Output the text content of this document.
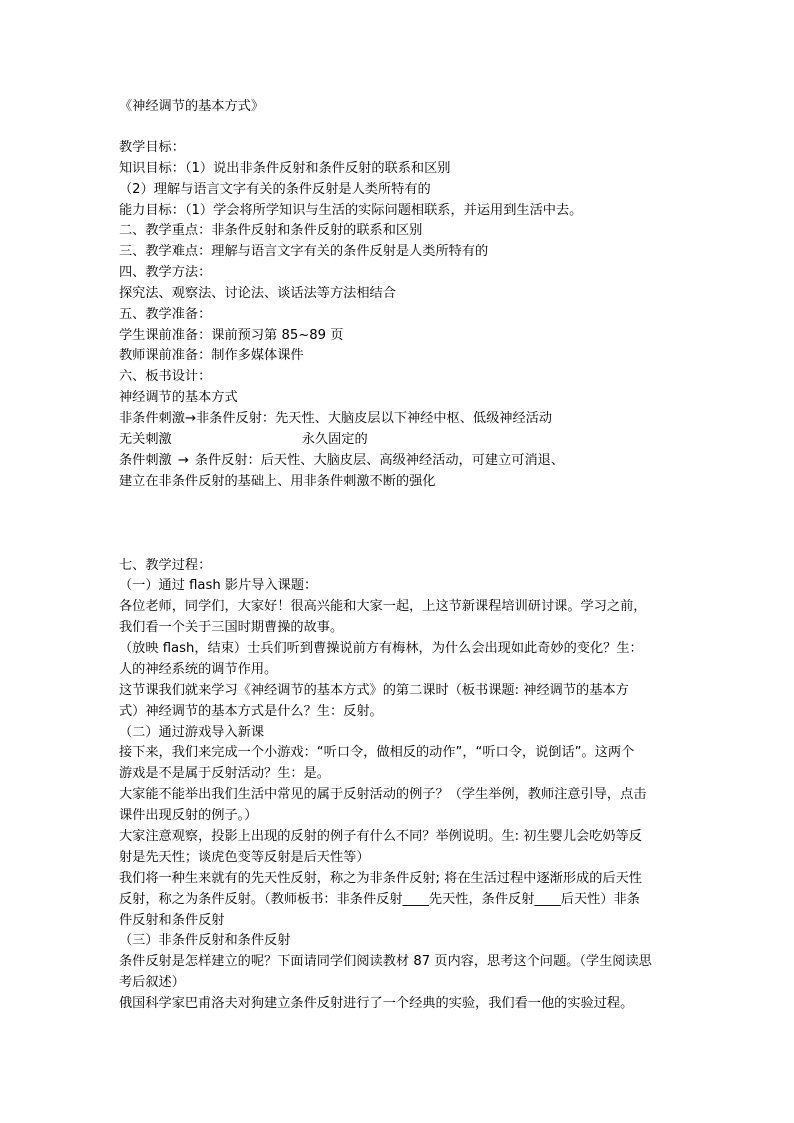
《神经调节的基本方式》
教学目标：
知识目标：（1）说出非条件反射和条件反射的联系和区别
（2）理解与语言文字有关的条件反射是人类所特有的
能力目标：（1）学会将所学知识与生活的实际问题相联系，并运用到生活中去。
二、教学重点：非条件反射和条件反射的联系和区别
三、教学难点：理解与语言文字有关的条件反射是人类所特有的
四、教学方法：
探究法、观察法、讨论法、谈话法等方法相结合
五、教学准备：
学生课前准备：课前预习第 85~89 页
教师课前准备：制作多媒体课件
六、板书设计：
神经调节的基本方式
非条件刺激→非条件反射：先天性、大脑皮层以下神经中枢、低级神经活动
无关刺激	永久固定的
条件刺激 → 条件反射：后天性、大脑皮层、高级神经活动，可建立可消退、
建立在非条件反射的基础上、用非条件刺激不断的强化
七、教学过程：
（一）通过 flash 影片导入课题：
各位老师，同学们，大家好！很高兴能和大家一起，上这节新课程培训研讨课。学习之前，
我们看一个关于三国时期曹操的故事。
（放映 flash，结束）士兵们听到曹操说前方有梅林，为什么会出现如此奇妙的变化？生：
人的神经系统的调节作用。
这节课我们就来学习《神经调节的基本方式》的第二课时（板书课题: 神经调节的基本方
式）神经调节的基本方式是什么？生：反射。
（二）通过游戏导入新课
接下来，我们来完成一个小游戏：“听口令，做相反的动作”，“听口令，说倒话”。这两个
游戏是不是属于反射活动？生：是。
大家能不能举出我们生活中常见的属于反射活动的例子？（学生举例，教师注意引导，点击
课件出现反射的例子。）
大家注意观察，投影上出现的反射的例子有什么不同？举例说明。生: 初生婴儿会吃奶等反
射是先天性；谈虎色变等反射是后天性等）
我们将一种生来就有的先天性反射，称之为非条件反射; 将在生活过程中逐渐形成的后天性
反射，称之为条件反射。（教师板书：非条件反射____先天性，条件反射____后天性）非条
件反射和条件反射
（三）非条件反射和条件反射
条件反射是怎样建立的呢？下面请同学们阅读教材 87 页内容，思考这个问题。（学生阅读思
考后叙述）
俄国科学家巴甫洛夫对狗建立条件反射进行了一个经典的实验，我们看一他的实验过程。
